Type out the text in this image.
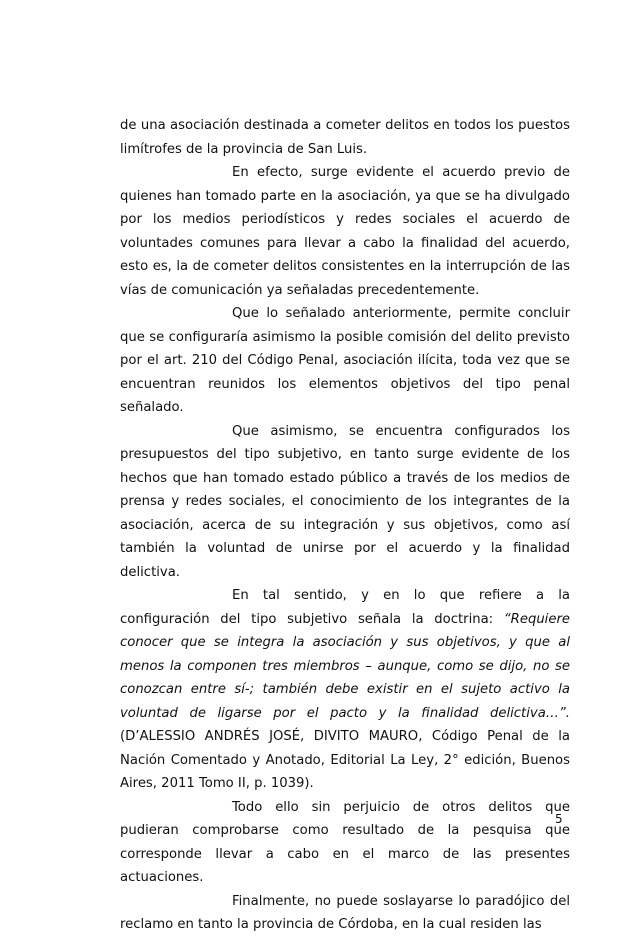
de una asociación destinada a cometer delitos en todos los puestos limítrofes de la provincia de San Luis.

En efecto, surge evidente el acuerdo previo de quienes han tomado parte en la asociación, ya que se ha divulgado por los medios periodísticos y redes sociales el acuerdo de voluntades comunes para llevar a cabo la finalidad del acuerdo, esto es, la de cometer delitos consistentes en la interrupción de las vías de comunicación ya señaladas precedentemente.

Que lo señalado anteriormente, permite concluir que se configuraría asimismo la posible comisión del delito previsto por el art. 210 del Código Penal, asociación ilícita, toda vez que se encuentran reunidos los elementos objetivos del tipo penal señalado.

Que asimismo, se encuentra configurados los presupuestos del tipo subjetivo, en tanto surge evidente de los hechos que han tomado estado público a través de los medios de prensa y redes sociales, el conocimiento de los integrantes de la asociación, acerca de su integración y sus objetivos, como así también la voluntad de unirse por el acuerdo y la finalidad delictiva.

En tal sentido, y en lo que refiere a la configuración del tipo subjetivo señala la doctrina: “Requiere conocer que se integra la asociación y sus objetivos, y que al menos la componen tres miembros – aunque, como se dijo, no se conozcan entre sí-; también debe existir en el sujeto activo la voluntad de ligarse por el pacto y la finalidad delictiva…”. (D’ALESSIO ANDRÉS JOSÉ, DIVITO MAURO, Código Penal de la Nación Comentado y Anotado, Editorial La Ley, 2° edición, Buenos Aires, 2011 Tomo II, p. 1039).

Todo ello sin perjuicio de otros delitos que pudieran comprobarse como resultado de la pesquisa que corresponde llevar a cabo en el marco de las presentes actuaciones.

Finalmente, no puede soslayarse lo paradójico del reclamo en tanto la provincia de Córdoba, en la cual residen las

5
